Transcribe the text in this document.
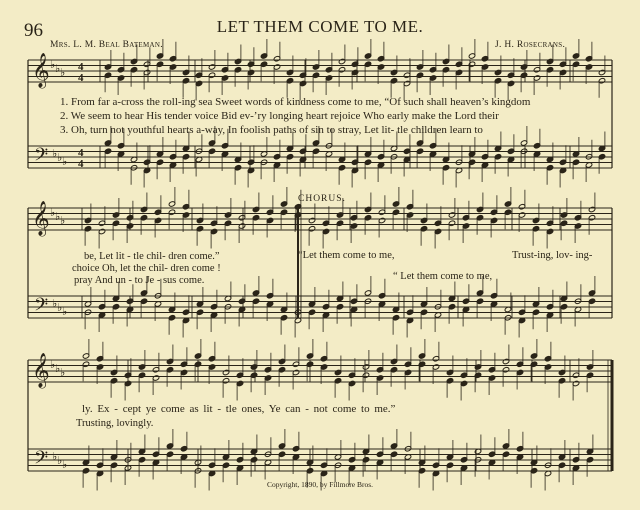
𝄞
𝄢
♭ ♭ ♭
♭ ♭ ♭
4
4
4
4
𝄞
𝄢
♭ ♭ ♭
♭ ♭ ♭
𝄞
𝄢
♭ ♭ ♭
♭ ♭ ♭
96	LET THEM COME TO ME.
Mrs. L. M. Beal Bateman.	J. H. Rosecrans.
1. From far a-cross the roll-ing sea Sweet words of kindness come to me, “Of such shall heaven’s kingdom
2. We seem to hear His tender voice Bid ev-’ry longing heart rejoice Who early make the Lord their
3. Oh, turn not youthful hearts a-way, In foolish paths of sin to stray, Let lit- tle children learn to
CHORUS.
be, Let lit - tle chil- dren come.”
choice Oh, let the chil- dren come !
pray And un - to Je - sus come.
“Let them come to me,	Trust-ing, lov- ing-
“ Let them come to me,
ly. Ex - cept ye come as lit - tle ones, Ye can - not come to me.”
Trusting, lovingly.
Copyright, 1890, by Fillmore Bros.
